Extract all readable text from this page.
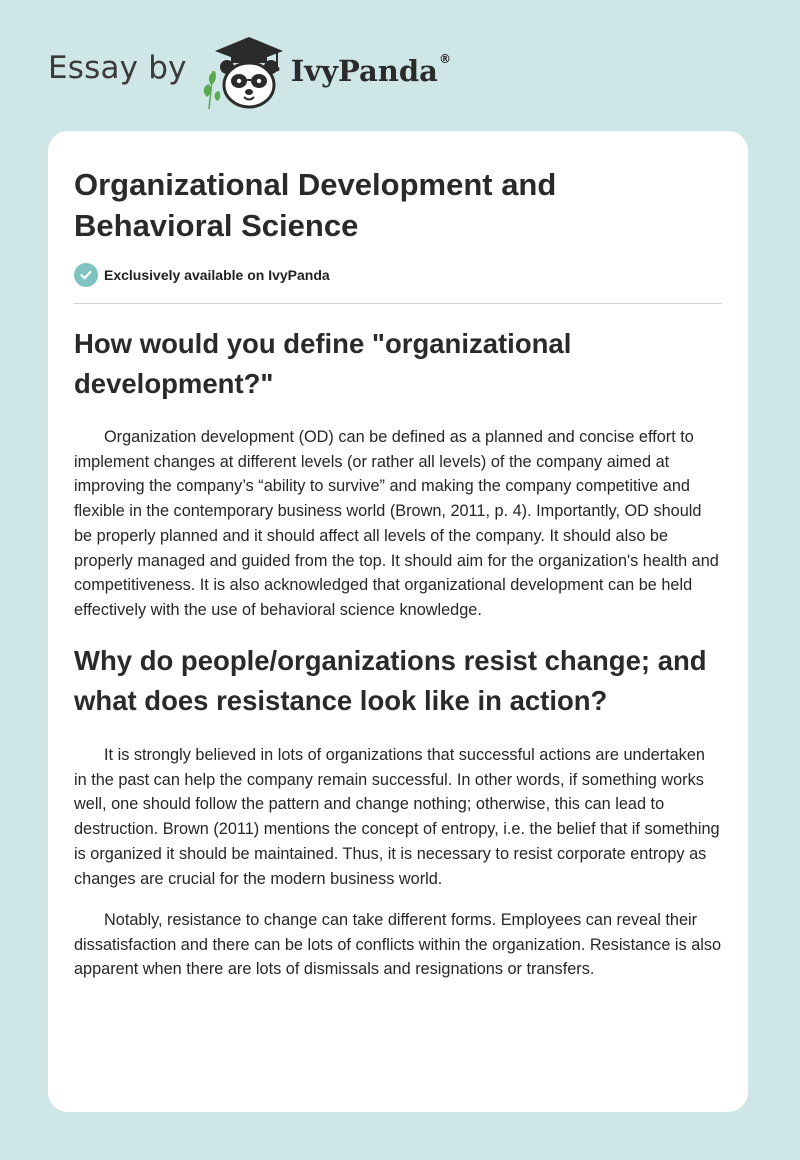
Essay by	IvyPanda®
Organizational Development and Behavioral Science
Exclusively available on IvyPanda
How would you define "organizational development?"

Organization development (OD) can be defined as a planned and concise effort to implement changes at different levels (or rather all levels) of the company aimed at improving the company’s “ability to survive” and making the company competitive and flexible in the contemporary business world (Brown, 2011, p. 4). Importantly, OD should be properly planned and it should affect all levels of the company. It should also be properly managed and guided from the top. It should aim for the organization's health and competitiveness. It is also acknowledged that organizational development can be held effectively with the use of behavioral science knowledge.

Why do people/organizations resist change; and what does resistance look like in action?

It is strongly believed in lots of organizations that successful actions are undertaken in the past can help the company remain successful. In other words, if something works well, one should follow the pattern and change nothing; otherwise, this can lead to destruction. Brown (2011) mentions the concept of entropy, i.e. the belief that if something is organized it should be maintained. Thus, it is necessary to resist corporate entropy as changes are crucial for the modern business world.

Notably, resistance to change can take different forms. Employees can reveal their dissatisfaction and there can be lots of conflicts within the organization. Resistance is also apparent when there are lots of dismissals and resignations or transfers.
